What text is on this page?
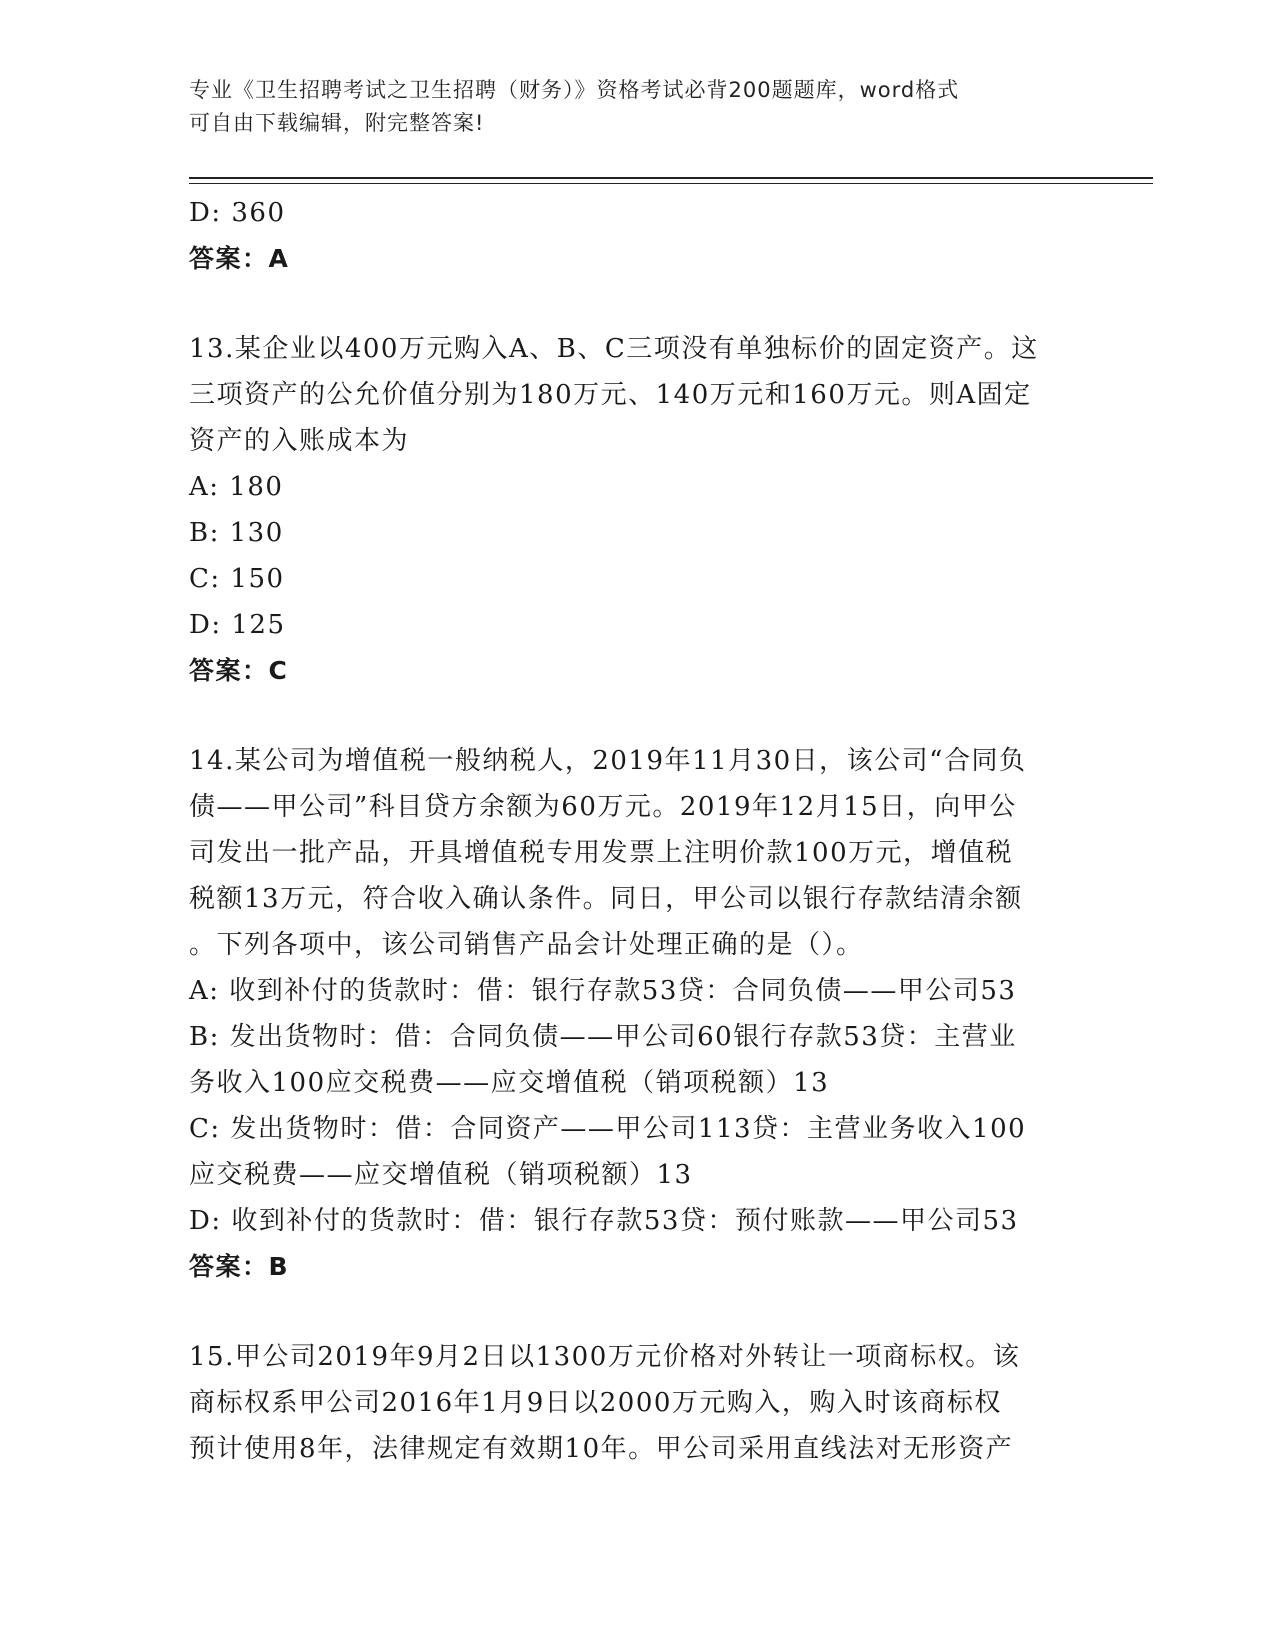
专业《卫生招聘考试之卫生招聘（财务）》资格考试必背200题题库，word格式
可自由下载编辑，附完整答案!
D: 360
答案：A
13.某企业以400万元购入A、B、C三项没有单独标价的固定资产。这
三项资产的公允价值分别为180万元、140万元和160万元。则A固定
资产的入账成本为
A: 180
B: 130
C: 150
D: 125
答案：C
14.某公司为增值税一般纳税人，2019年11月30日，该公司“合同负
债——甲公司”科目贷方余额为60万元。2019年12月15日，向甲公
司发出一批产品，开具增值税专用发票上注明价款100万元，增值税
税额13万元，符合收入确认条件。同日，甲公司以银行存款结清余额
。下列各项中，该公司销售产品会计处理正确的是（）。
A: 收到补付的货款时：借：银行存款53贷：合同负债——甲公司53
B: 发出货物时：借：合同负债——甲公司60银行存款53贷：主营业
务收入100应交税费——应交增值税（销项税额）13
C: 发出货物时：借：合同资产——甲公司113贷：主营业务收入100
应交税费——应交增值税（销项税额）13
D: 收到补付的货款时：借：银行存款53贷：预付账款——甲公司53
答案：B
15.甲公司2019年9月2日以1300万元价格对外转让一项商标权。该
商标权系甲公司2016年1月9日以2000万元购入，购入时该商标权
预计使用8年，法律规定有效期10年。甲公司采用直线法对无形资产
